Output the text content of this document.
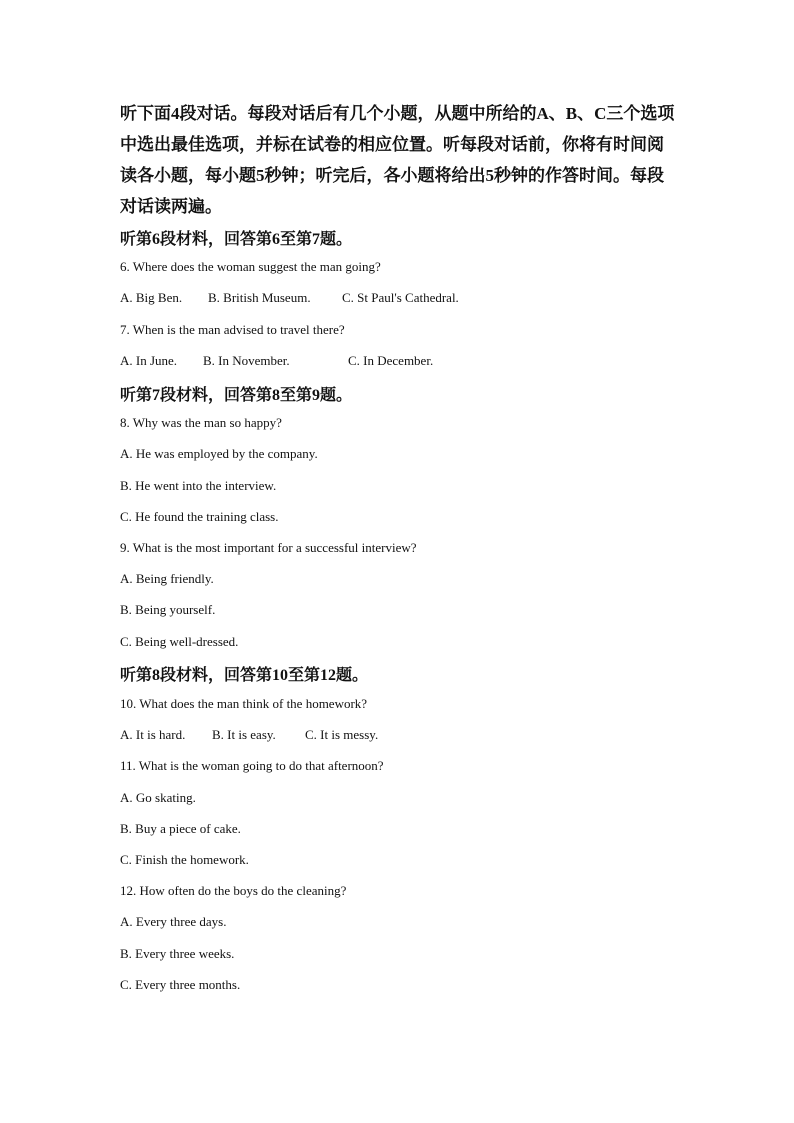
听下面4段对话。每段对话后有几个小题，从题中所给的A、B、C三个选项中选出最佳选项，并标在试卷的相应位置。听每段对话前，你将有时间阅读各小题，每小题5秒钟；听完后，各小题将给出5秒钟的作答时间。每段对话读两遍。

听第6段材料，回答第6至第7题。

6. Where does the woman suggest the man going?

A. Big Ben. B. British Museum. C. St Paul's Cathedral.

7. When is the man advised to travel there?

A. In June. B. In November.	C. In December.

听第7段材料，回答第8至第9题。

8. Why was the man so happy?

A. He was employed by the company.

B. He went into the interview.

C. He found the training class.

9. What is the most important for a successful interview?

A. Being friendly.

B. Being yourself.

C. Being well-dressed.

听第8段材料，回答第10至第12题。

10. What does the man think of the homework?

A. It is hard. B. It is easy. C. It is messy.

11. What is the woman going to do that afternoon?

A. Go skating.

B. Buy a piece of cake.

C. Finish the homework.

12. How often do the boys do the cleaning?

A. Every three days.

B. Every three weeks.

C. Every three months.
